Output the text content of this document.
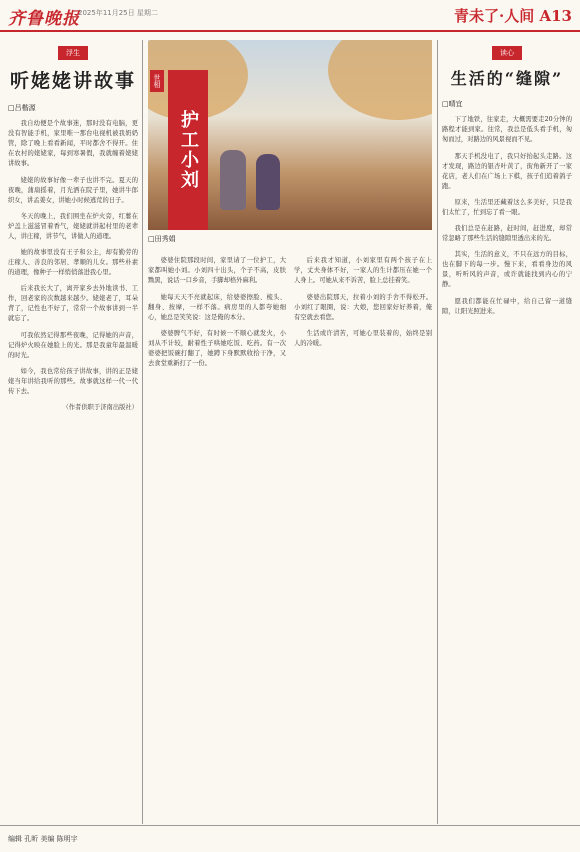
齐鲁晚报
2025年11月25日 星期二	青未了·人间 A13
浮生
听姥姥讲故事
□吕楷源

我自幼便是个故事迷，那时没有电脑，更没有智能手机，家里唯一那台电视机被我奶奶管，除了晚上看看新闻，平时都舍不得开。住在农村的姥姥家，每到寒暑假，我就缠着姥姥讲故事。

姥姥的故事好像一辈子也讲不完。夏天的夜晚，蒲扇摇着，月光洒在院子里，她讲牛郎织女，讲孟姜女，讲她小时候逃荒的日子。

冬天的晚上，我们围坐在炉火旁，红薯在炉盖上滋滋冒着香气，姥姥就讲起村里的老辈人，讲庄稼，讲节气，讲做人的道理。

她的故事里没有王子和公主，却有勤劳的庄稼人、善良的邻居、孝顺的儿女。那些朴素的道理，像种子一样悄悄落进我心里。

后来我长大了，离开家乡去外地读书、工作，回老家的次数越来越少。姥姥老了，耳朵背了，记性也不好了，常常一个故事讲到一半就忘了。

可我依然记得那些夜晚，记得她的声音，记得炉火映在她脸上的光。那是我童年最温暖的时光。

如今，我也常给孩子讲故事，讲的正是姥姥当年讲给我听的那些。故事就这样一代一代传下去。

（作者供职于济南出版社）

□田秀娟

婆婆住院那段时间，家里请了一位护工，大家都叫她小刘。小刘四十出头，个子不高，皮肤黝黑，说话一口乡音，手脚却格外麻利。

她每天天不亮就起床，给婆婆擦脸、梳头、翻身、按摩，一样不落。病房里的人都夸她细心，她总是笑笑说：这是俺的本分。

婆婆脾气不好，有时候一不顺心就发火，小刘从不计较，耐着性子哄她吃饭、吃药。有一次婆婆把饭碗打翻了，她蹲下身默默收拾干净，又去食堂重新打了一份。

后来我才知道，小刘家里有两个孩子在上学，丈夫身体不好，一家人的生计都压在她一个人身上。可她从来不诉苦，脸上总挂着笑。

婆婆出院那天，拉着小刘的手舍不得松开。小刘红了眼圈，说：大娘，您回家好好养着，俺有空就去看您。

生活或许清苦，可她心里装着的，始终是别人的冷暖。

世相
护工小刘
读心
生活的“缝隙”
□晴宜

下了地铁，往家走，大概需要走20分钟的路程才能到家。往常，我总是低头看手机，匆匆而过，对路边的风景视而不见。

那天手机没电了，我只好抬起头走路。这才发现，路边的银杏叶黄了，街角新开了一家花店，老人们在广场上下棋，孩子们追着鸽子跑。

原来，生活里还藏着这么多美好，只是我们太忙了，忙到忘了看一眼。

我们总是在赶路，赶时间，赶进度，却常常忽略了那些生活的缝隙里透出来的光。

其实，生活的意义，不只在远方的目标，也在脚下的每一步。慢下来，看看身边的风景，听听风的声音，或许就能找到内心的宁静。

愿我们都能在忙碌中，给自己留一道缝隙，让阳光照进来。

编辑 孔昕 美编 陈明宇
